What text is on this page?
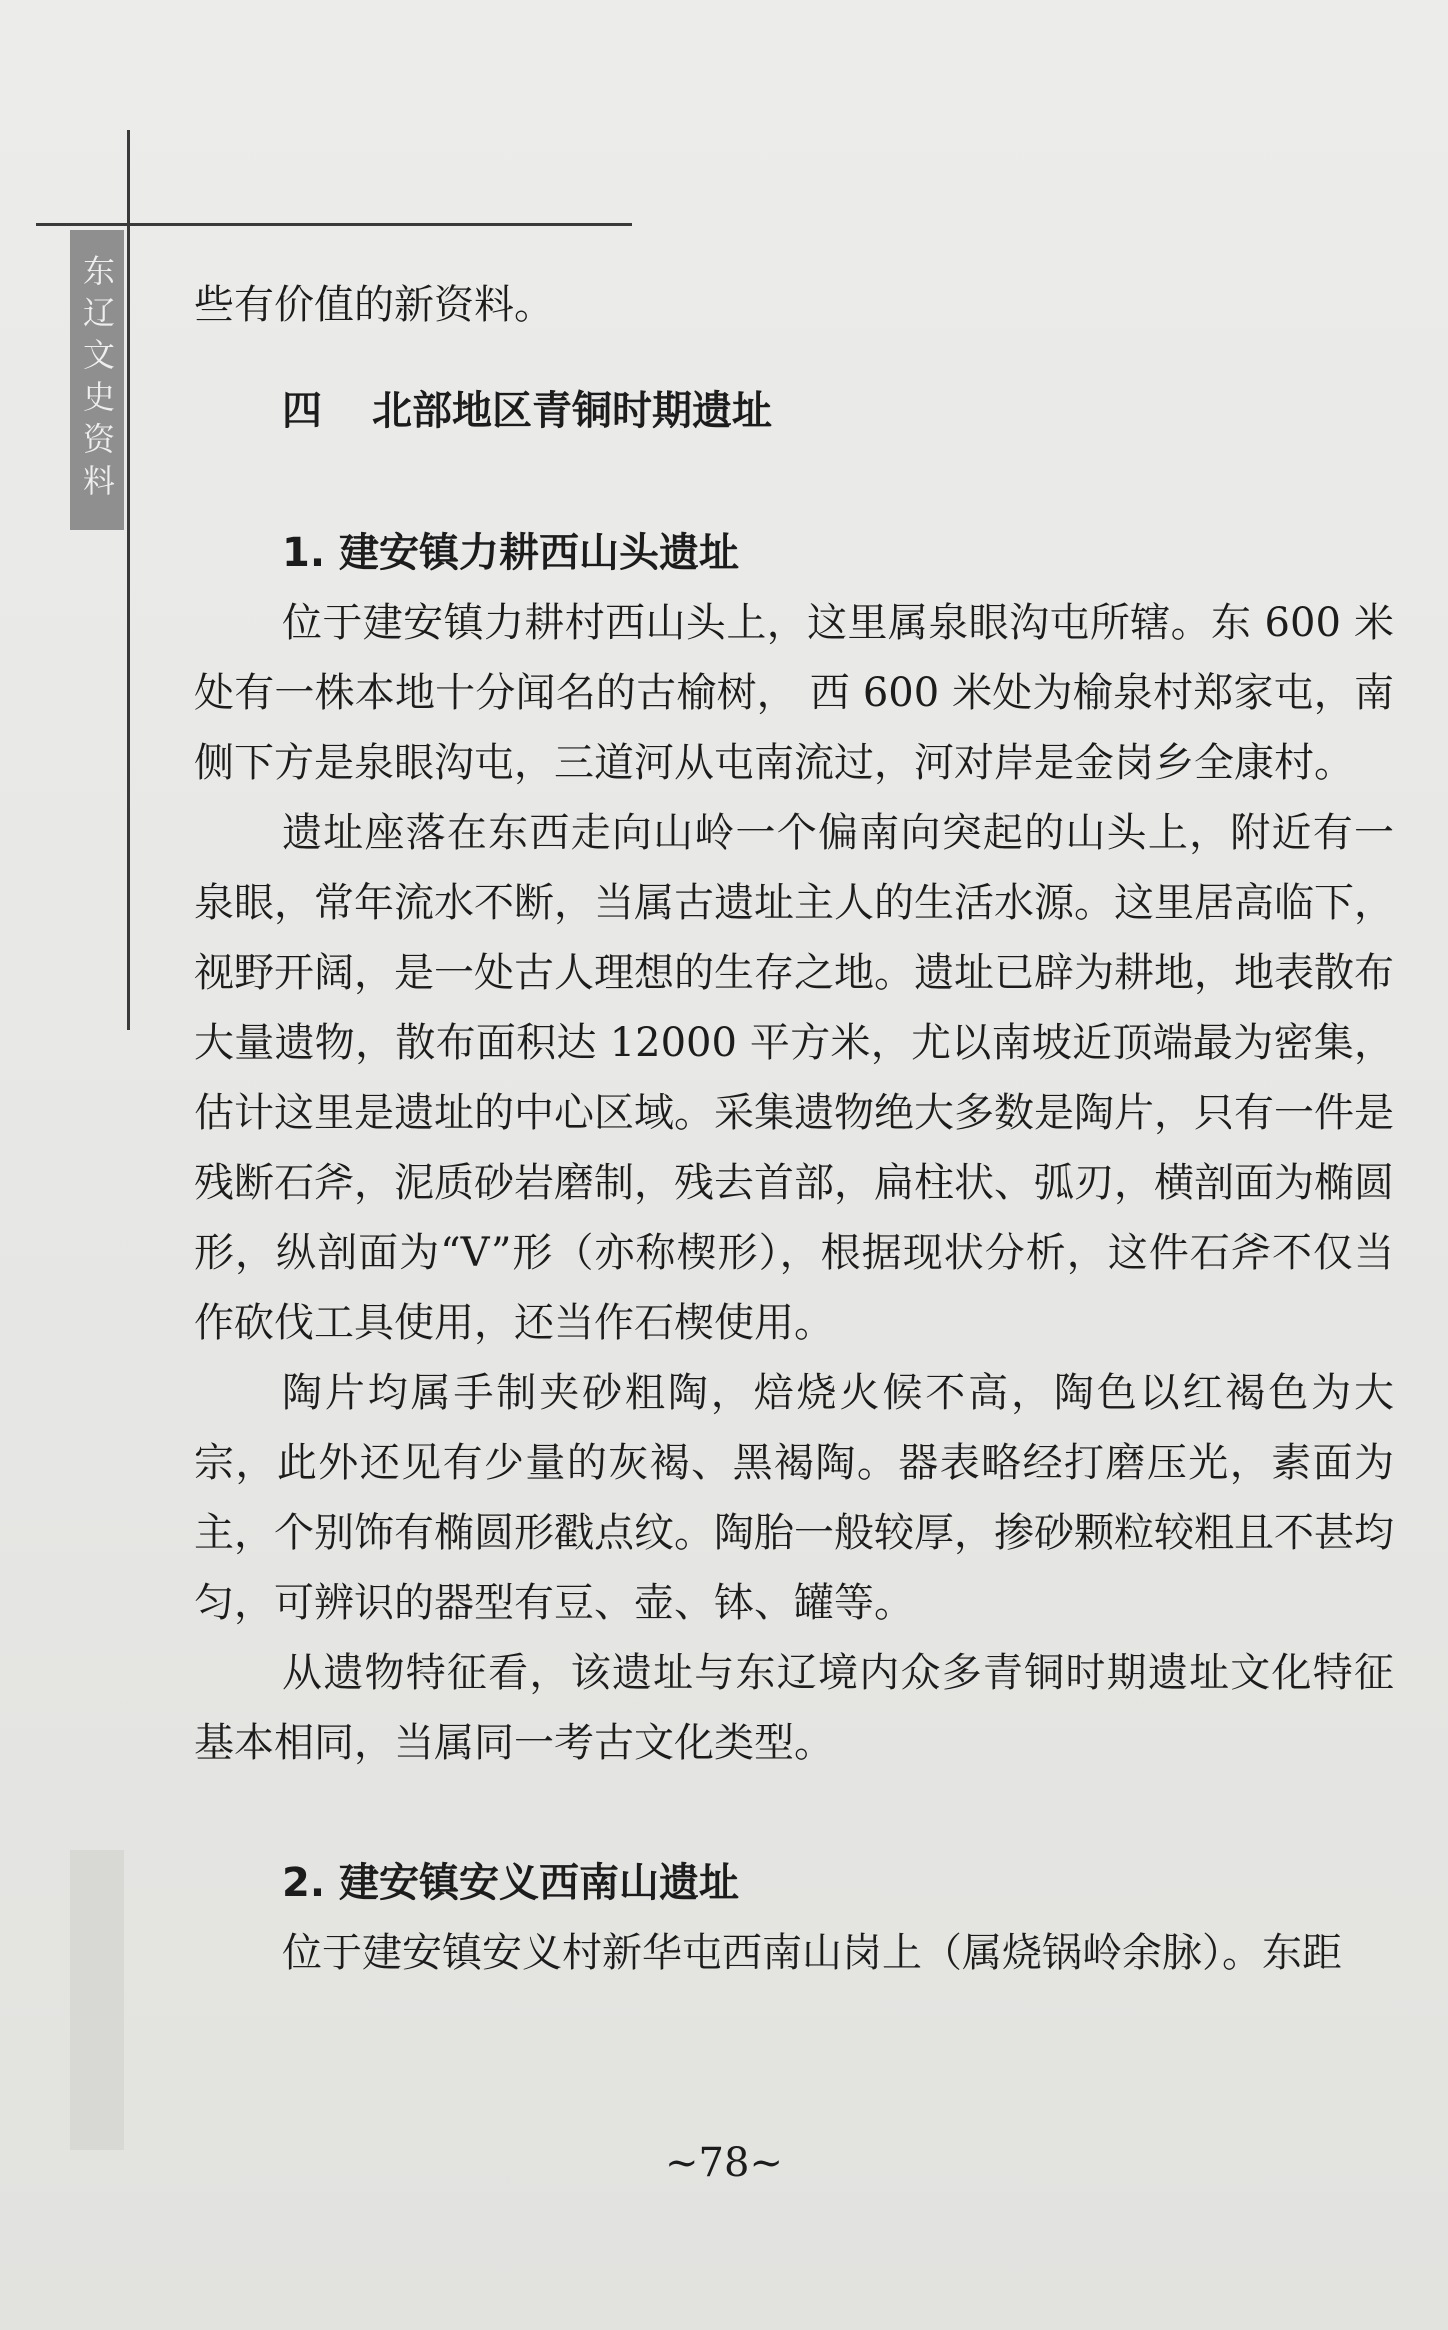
东辽文史资料 些有价值的新资料。

四 北部地区青铜时期遗址
1. 建安镇力耕西山头遗址

位于建安镇力耕村西山头上，这里属泉眼沟屯所辖。东 600 米处有一株本地十分闻名的古榆树， 西 600 米处为榆泉村郑家屯，南侧下方是泉眼沟屯，三道河从屯南流过，河对岸是金岗乡全康村。

遗址座落在东西走向山岭一个偏南向突起的山头上，附近有一泉眼，常年流水不断，当属古遗址主人的生活水源。这里居高临下，视野开阔，是一处古人理想的生存之地。遗址已辟为耕地，地表散布大量遗物，散布面积达 12000 平方米，尤以南坡近顶端最为密集，估计这里是遗址的中心区域。采集遗物绝大多数是陶片，只有一件是残断石斧，泥质砂岩磨制，残去首部，扁柱状、弧刃，横剖面为椭圆形，纵剖面为“V”形（亦称楔形），根据现状分析，这件石斧不仅当作砍伐工具使用，还当作石楔使用。

陶片均属手制夹砂粗陶，焙烧火候不高，陶色以红褐色为大宗，此外还见有少量的灰褐、黑褐陶。器表略经打磨压光，素面为主，个别饰有椭圆形戳点纹。陶胎一般较厚，掺砂颗粒较粗且不甚均匀，可辨识的器型有豆、壶、钵、罐等。

从遗物特征看，该遗址与东辽境内众多青铜时期遗址文化特征基本相同，当属同一考古文化类型。

2. 建安镇安义西南山遗址

位于建安镇安义村新华屯西南山岗上（属烧锅岭余脉）。东距

~78~
